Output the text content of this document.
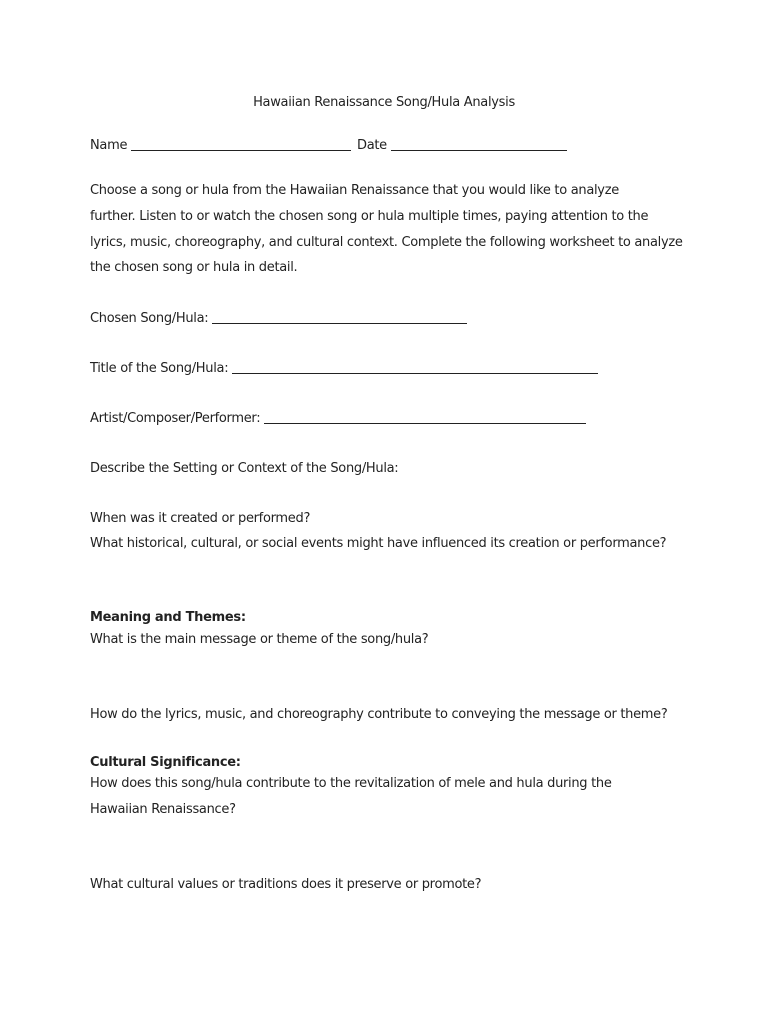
Hawaiian Renaissance Song/Hula Analysis
Name	Date
Choose a song or hula from the Hawaiian Renaissance that you would like to analyze
further. Listen to or watch the chosen song or hula multiple times, paying attention to the
lyrics, music, choreography, and cultural context. Complete the following worksheet to analyze
the chosen song or hula in detail.
Chosen Song/Hula:
Title of the Song/Hula:
Artist/Composer/Performer:
Describe the Setting or Context of the Song/Hula:
When was it created or performed?
What historical, cultural, or social events might have influenced its creation or performance?
Meaning and Themes:
What is the main message or theme of the song/hula?
How do the lyrics, music, and choreography contribute to conveying the message or theme?
Cultural Significance:
How does this song/hula contribute to the revitalization of mele and hula during the
Hawaiian Renaissance?
What cultural values or traditions does it preserve or promote?
